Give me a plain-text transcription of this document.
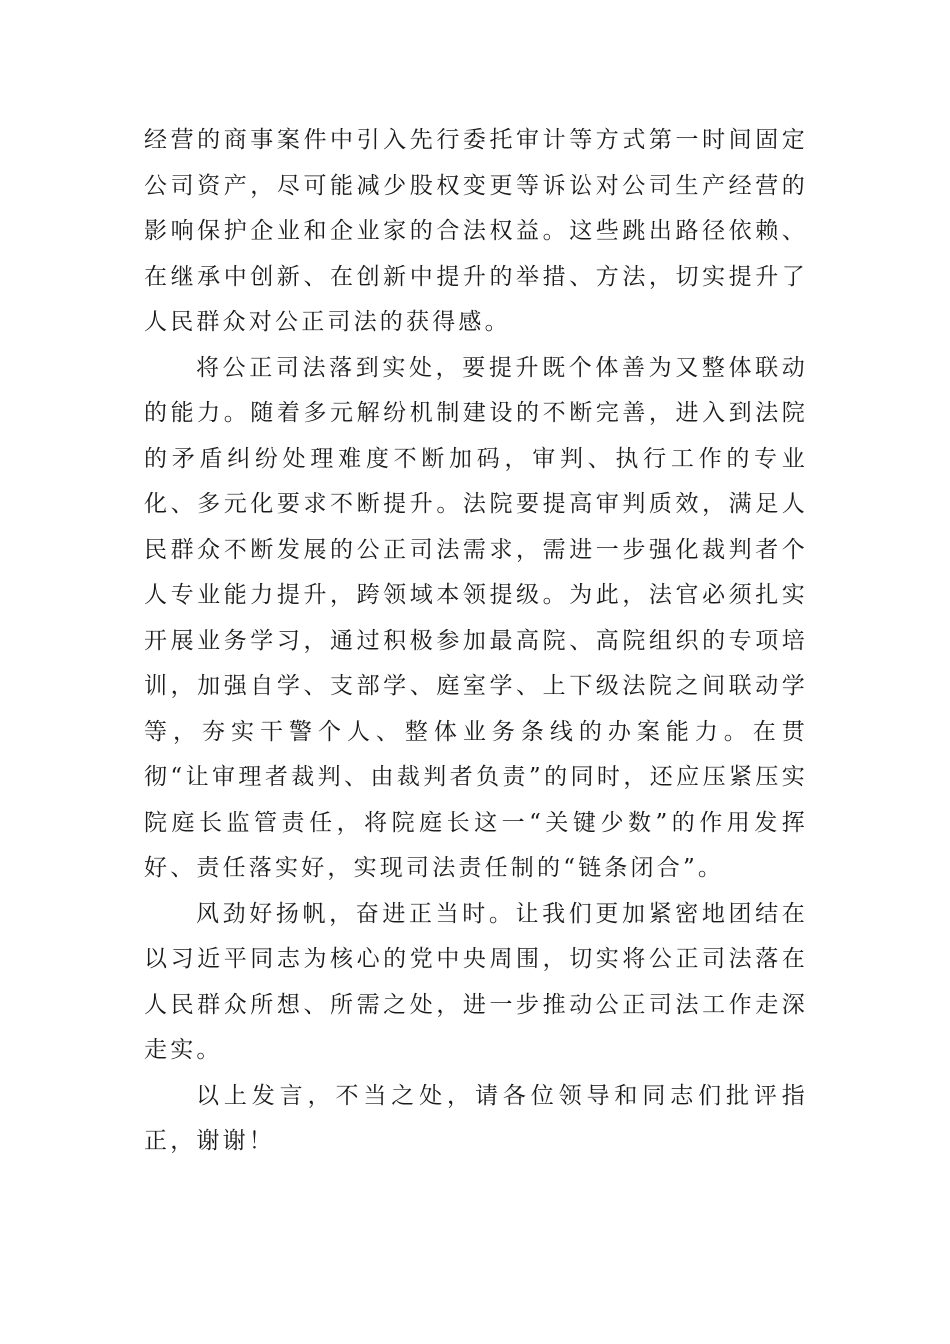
经营的商事案件中引入先行委托审计等方式第一时间固定公司资产，尽可能减少股权变更等诉讼对公司生产经营的影响保护企业和企业家的合法权益。这些跳出路径依赖、在继承中创新、在创新中提升的举措、方法，切实提升了人民群众对公正司法的获得感。

将公正司法落到实处，要提升既个体善为又整体联动的能力。随着多元解纷机制建设的不断完善，进入到法院的矛盾纠纷处理难度不断加码，审判、执行工作的专业化、多元化要求不断提升。法院要提高审判质效，满足人民群众不断发展的公正司法需求，需进一步强化裁判者个人专业能力提升，跨领域本领提级。为此，法官必须扎实开展业务学习，通过积极参加最高院、高院组织的专项培训，加强自学、支部学、庭室学、上下级法院之间联动学等，夯实干警个人、整体业务条线的办案能力。在贯彻“让审理者裁判、由裁判者负责”的同时，还应压紧压实院庭长监管责任，将院庭长这一“关键少数”的作用发挥好、责任落实好，实现司法责任制的“链条闭合”。

风劲好扬帆，奋进正当时。让我们更加紧密地团结在以习近平同志为核心的党中央周围，切实将公正司法落在人民群众所想、所需之处，进一步推动公正司法工作走深走实。

以上发言，不当之处，请各位领导和同志们批评指正，谢谢！
